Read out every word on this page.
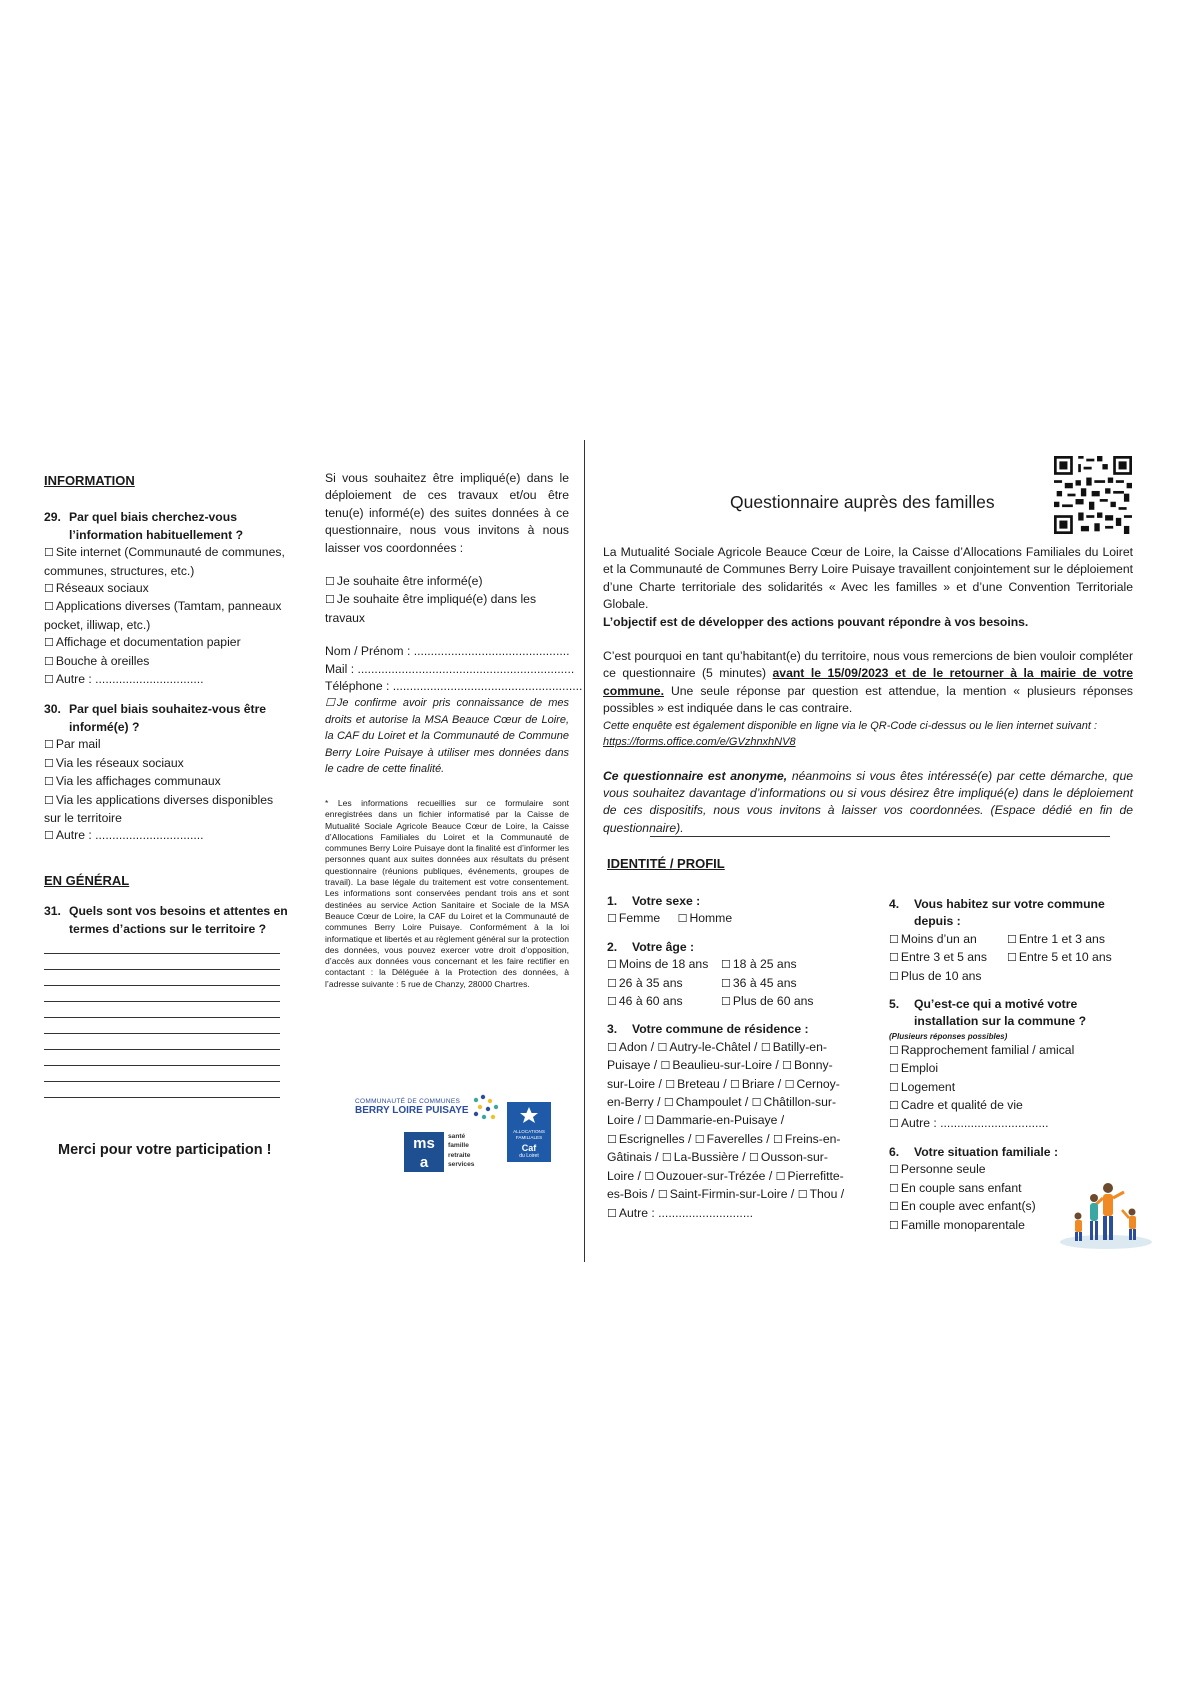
INFORMATION

29. Par quel biais cherchez-vous l’information habituellement ?
☐ Site internet (Communauté de communes, communes, structures, etc.)
☐ Réseaux sociaux
☐ Applications diverses (Tamtam, panneaux pocket, illiwap, etc.)
☐ Affichage et documentation papier
☐ Bouche à oreilles
☐ Autre : ................................
30. Par quel biais souhaitez-vous être informé(e) ?
☐ Par mail
☐ Via les réseaux sociaux
☐ Via les affichages communaux
☐ Via les applications diverses disponibles sur le territoire
☐ Autre : ................................

EN GÉNÉRAL

31. Quels sont vos besoins et attentes en termes d’actions sur le territoire ?

Merci pour votre participation !

Si vous souhaitez être impliqué(e) dans le déploiement de ces travaux et/ou être tenu(e) informé(e) des suites données à ce questionnaire, nous vous invitons à nous laisser vos coordonnées :

☐ Je souhaite être informé(e)
☐ Je souhaite être impliqué(e) dans les travaux
Nom / Prénom : ..............................................
Mail : ................................................................
Téléphone : ........................................................
☐ Je confirme avoir pris connaissance de mes droits et autorise la MSA Beauce Cœur de Loire, la CAF du Loiret et la Communauté de Commune Berry Loire Puisaye à utiliser mes données dans le cadre de cette finalité.

* Les informations recueillies sur ce formulaire sont enregistrées dans un fichier informatisé par la Caisse de Mutualité Sociale Agricole Beauce Cœur de Loire, la Caisse d’Allocations Familiales du Loiret et la Communauté de communes Berry Loire Puisaye dont la finalité est d’informer les personnes quant aux suites données aux résultats du présent questionnaire (réunions publiques, événements, groupes de travail). La base légale du traitement est votre consentement. Les informations sont conservées pendant trois ans et sont destinées au service Action Sanitaire et Sociale de la MSA Beauce Cœur de Loire, la CAF du Loiret et la Communauté de communes Berry Loire Puisaye. Conformément à la loi informatique et libertés et au règlement général sur la protection des données, vous pouvez exercer votre droit d’opposition, d’accès aux données vous concernant et les faire rectifier en contactant : la Déléguée à la Protection des données, à l’adresse suivante : 5 rue de Chanzy, 28000 Chartres.

COMMUNAUTÉ DE COMMUNES
BERRY LOIRE PUISAYE
msa
santé
famille
retraite
services
ALLOCATIONS FAMILIALES
Caf
du Loiret

Questionnaire auprès des familles

La Mutualité Sociale Agricole Beauce Cœur de Loire, la Caisse d’Allocations Familiales du Loiret et la Communauté de Communes Berry Loire Puisaye travaillent conjointement sur le déploiement d’une Charte territoriale des solidarités « Avec les familles » et d’une Convention Territoriale Globale.

L’objectif est de développer des actions pouvant répondre à vos besoins.

C’est pourquoi en tant qu’habitant(e) du territoire, nous vous remercions de bien vouloir compléter ce questionnaire (5 minutes) avant le 15/09/2023 et de le retourner à la mairie de votre commune. Une seule réponse par question est attendue, la mention « plusieurs réponses possibles » est indiquée dans le cas contraire.

Cette enquête est également disponible en ligne via le QR-Code ci-dessus ou le lien internet suivant :

https://forms.office.com/e/GVzhnxhNV8

Ce questionnaire est anonyme, néanmoins si vous êtes intéressé(e) par cette démarche, que vous souhaitez davantage d’informations ou si vous désirez être impliqué(e) dans le déploiement de ces dispositifs, nous vous invitons à laisser vos coordonnées. (Espace dédié en fin de questionnaire).

IDENTITÉ / PROFIL

1.	Votre sexe :
☐ Femme ☐ Homme
2.	Votre âge :
☐ Moins de 18 ans	☐ 18 à 25 ans
☐ 26 à 35 ans	☐ 36 à 45 ans
☐ 46 à 60 ans	☐ Plus de 60 ans
3.	Votre commune de résidence :
☐ Adon / ☐ Autry-le-Châtel / ☐ Batilly-en-Puisaye / ☐ Beaulieu-sur-Loire / ☐ Bonny-sur-Loire / ☐ Breteau / ☐ Briare / ☐ Cernoy-en-Berry / ☐ Champoulet / ☐ Châtillon-sur-Loire / ☐ Dammarie-en-Puisaye / ☐ Escrignelles / ☐ Faverelles / ☐ Freins-en-Gâtinais / ☐ La-Bussière / ☐ Ousson-sur-Loire / ☐ Ouzouer-sur-Trézée / ☐ Pierrefitte-es-Bois / ☐ Saint-Firmin-sur-Loire / ☐ Thou / ☐ Autre : ............................
4.	Vous habitez sur votre commune depuis :
☐ Moins d’un an	☐ Entre 1 et 3 ans
☐ Entre 3 et 5 ans	☐ Entre 5 et 10 ans
☐ Plus de 10 ans
5.	Qu’est-ce qui a motivé votre installation sur la commune ?
(Plusieurs réponses possibles)
☐ Rapprochement familial / amical
☐ Emploi
☐ Logement
☐ Cadre et qualité de vie
☐ Autre : ................................
6.	Votre situation familiale :
☐ Personne seule
☐ En couple sans enfant
☐ En couple avec enfant(s)
☐ Famille monoparentale
